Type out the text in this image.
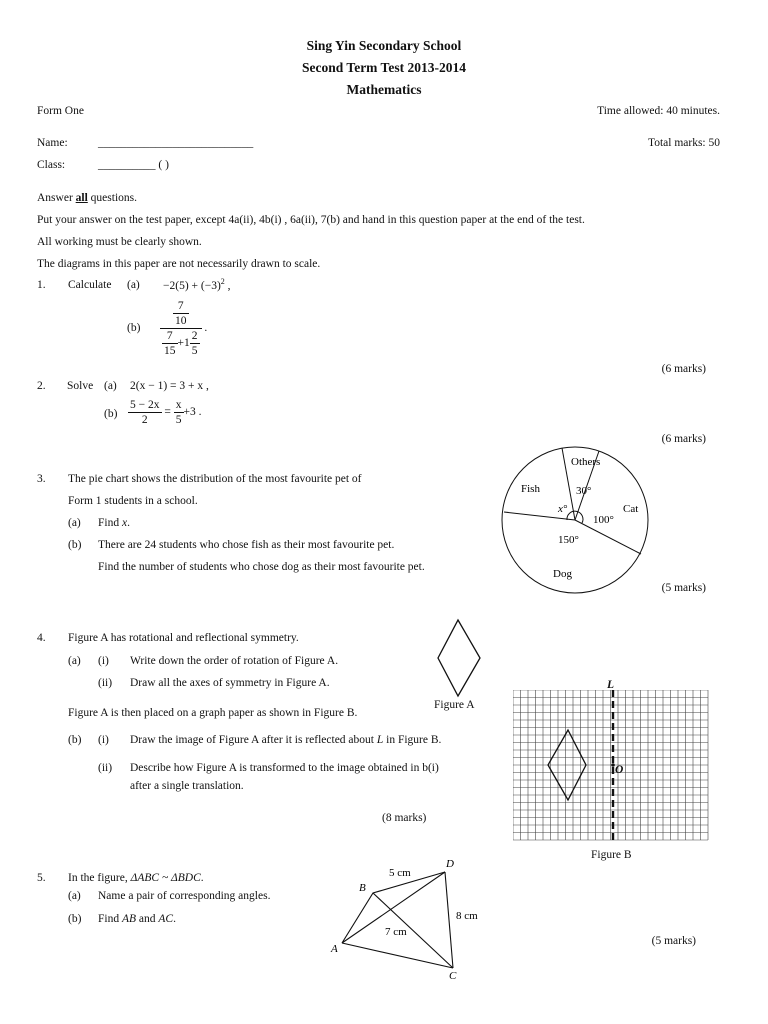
Sing Yin Secondary School
Second Term Test 2013-2014
Mathematics
Form One	Time allowed: 40 minutes.
Name:	___________________________	Total marks: 50
Class:	__________ ( )
Answer all questions.
Put your answer on the test paper, except 4a(ii), 4b(i) , 6a(ii), 7(b) and hand in this question paper at the end of the test.
All working must be clearly shown.
The diagrams in this paper are not necessarily drawn to scale.
1. Calculate $(a) -2(5) + (-3)^2$ ,
$(b) \frac{\frac{7}{10}}{\frac{7}{15} +1 \frac{2}{5}}$ .
(6 marks)
2. Solve (a) 2(x − 1) = 3 + x ,
$(b) \frac{5 - 2x}{2} = \frac{x}{5} +3$ .
(6 marks)
3. The pie chart shows the distribution of the most favourite pet of
Form 1 students in a school.
(a) Find x.
(b) There are 24 students who chose fish as their most favourite pet.
Find the number of students who chose dog as their most favourite pet.
(5 marks)
Others
30°
Cat
100°
Dog
150°
Fish
x°
4. Figure A has rotational and reflectional symmetry.
(a) (i) Write down the order of rotation of Figure A.
(ii) Draw all the axes of symmetry in Figure A.
Figure A is then placed on a graph paper as shown in Figure B.
(b) (i) Draw the image of Figure A after it is reflected about L in Figure B.
(ii) Describe how Figure A is transformed to the image obtained in b(i)
after a single translation.
(8 marks)
Figure A
L
O
Figure B
5. In the figure, ΔABC ~ ΔBDC.
(a) Name a pair of corresponding angles.
(b) Find AB and AC.
(5 marks)
A
B
C
D
5 cm
8 cm
7 cm
